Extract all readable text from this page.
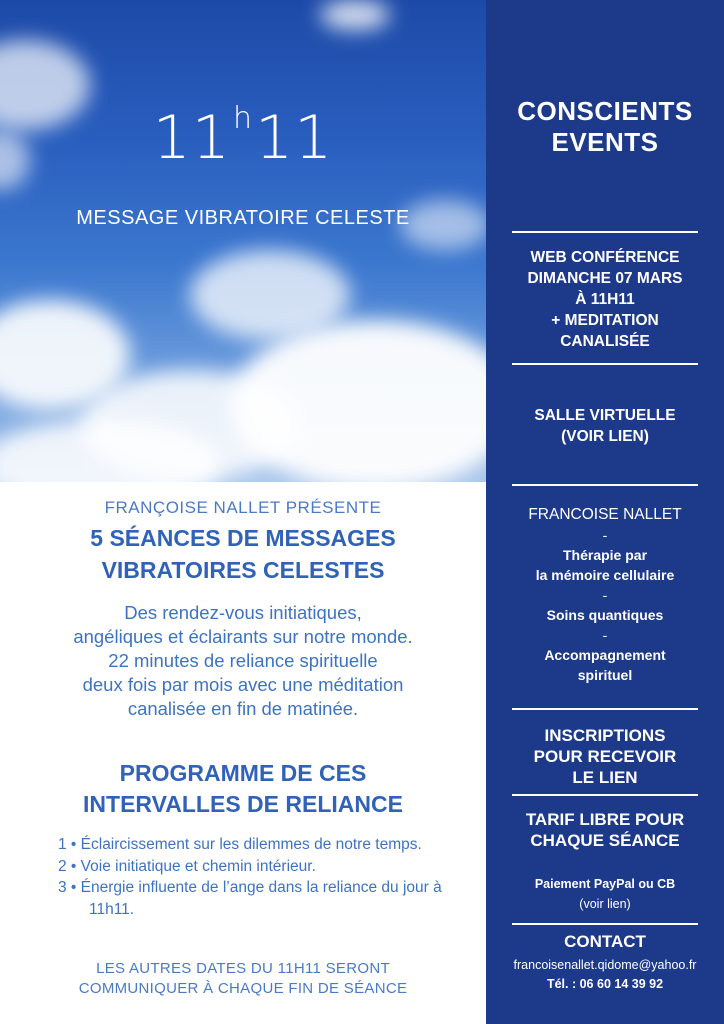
11$^h$11
MESSAGE VIBRATOIRE CELESTE
FRANÇOISE NALLET PRÉSENTE
5 SÉANCES DE MESSAGES
VIBRATOIRES CELESTES
Des rendez-vous initiatiques,
angéliques et éclairants sur notre monde.
22 minutes de reliance spirituelle
deux fois par mois avec une méditation
canalisée en fin de matinée.
PROGRAMME DE CES
INTERVALLES DE RELIANCE
1 • Éclaircissement sur les dilemmes de notre temps.
2 • Voie initiatique et chemin intérieur.
3 • Énergie influente de l’ange dans la reliance du jour à 11h11.
LES AUTRES DATES DU 11H11 SERONT
COMMUNIQUER À CHAQUE FIN DE SÉANCE
CONSCIENTS
EVENTS
WEB CONFÉRENCE
DIMANCHE 07 MARS
À 11H11
+ MEDITATION
CANALISÉE
SALLE VIRTUELLE
(VOIR LIEN)
FRANCOISE NALLET
-
Thérapie par
la mémoire cellulaire
-
Soins quantiques
-
Accompagnement
spirituel
INSCRIPTIONS
POUR RECEVOIR
LE LIEN
TARIF LIBRE POUR
CHAQUE SÉANCE
Paiement PayPal ou CB
(voir lien)
CONTACT
francoisenallet.qidome@yahoo.fr
Tél. : 06 60 14 39 92
